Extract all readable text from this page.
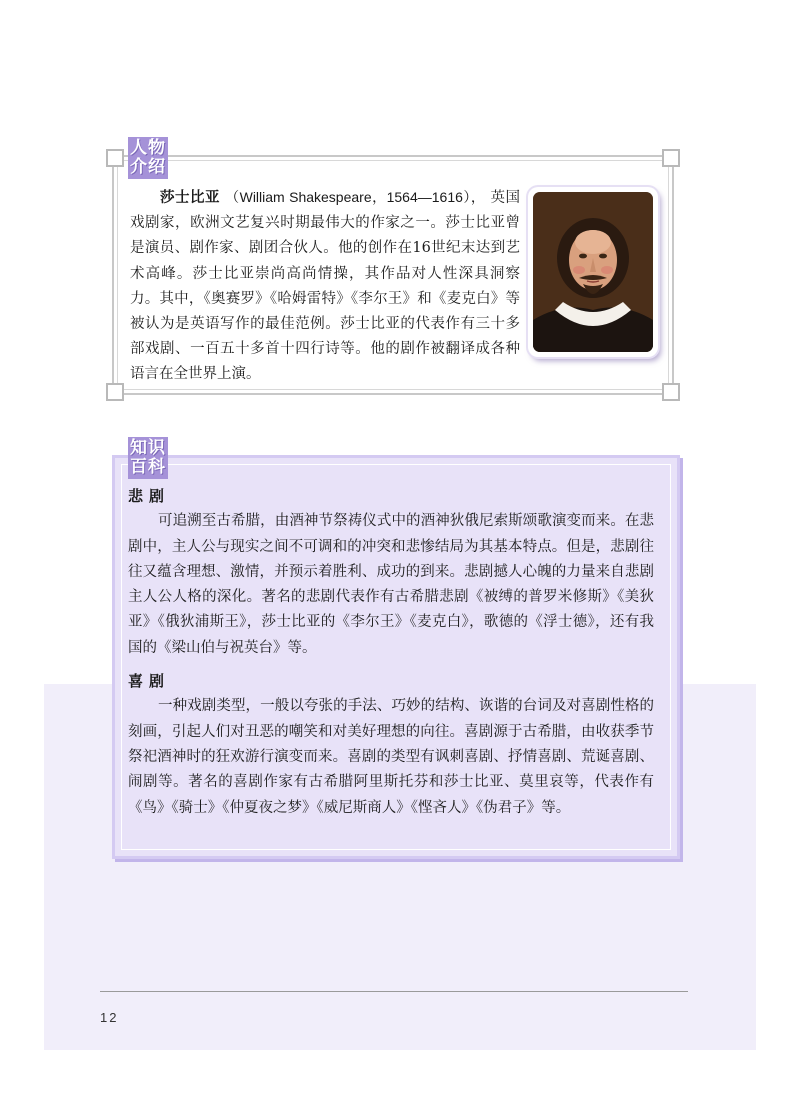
人物介绍

莎士比亚 （William Shakespeare，1564—1616）， 英国戏剧家，欧洲文艺复兴时期最伟大的作家之一。莎士比亚曾是演员、剧作家、剧团合伙人。他的创作在16世纪末达到艺术高峰。莎士比亚崇尚高尚情操，其作品对人性深具洞察力。其中，《奥赛罗》《哈姆雷特》《李尔王》和《麦克白》等被认为是英语写作的最佳范例。莎士比亚的代表作有三十多部戏剧、一百五十多首十四行诗等。他的剧作被翻译成各种语言在全世界上演。

知识百科

悲剧

可追溯至古希腊，由酒神节祭祷仪式中的酒神狄俄尼索斯颂歌演变而来。在悲剧中，主人公与现实之间不可调和的冲突和悲惨结局为其基本特点。但是，悲剧往往又蕴含理想、激情，并预示着胜利、成功的到来。悲剧撼人心魄的力量来自悲剧主人公人格的深化。著名的悲剧代表作有古希腊悲剧《被缚的普罗米修斯》《美狄亚》《俄狄浦斯王》，莎士比亚的《李尔王》《麦克白》，歌德的《浮士德》，还有我国的《梁山伯与祝英台》等。

喜剧

一种戏剧类型，一般以夸张的手法、巧妙的结构、诙谐的台词及对喜剧性格的刻画，引起人们对丑恶的嘲笑和对美好理想的向往。喜剧源于古希腊，由收获季节祭祀酒神时的狂欢游行演变而来。喜剧的类型有讽刺喜剧、抒情喜剧、荒诞喜剧、闹剧等。著名的喜剧作家有古希腊阿里斯托芬和莎士比亚、莫里哀等，代表作有《鸟》《骑士》《仲夏夜之梦》《威尼斯商人》《悭吝人》《伪君子》等。

12
